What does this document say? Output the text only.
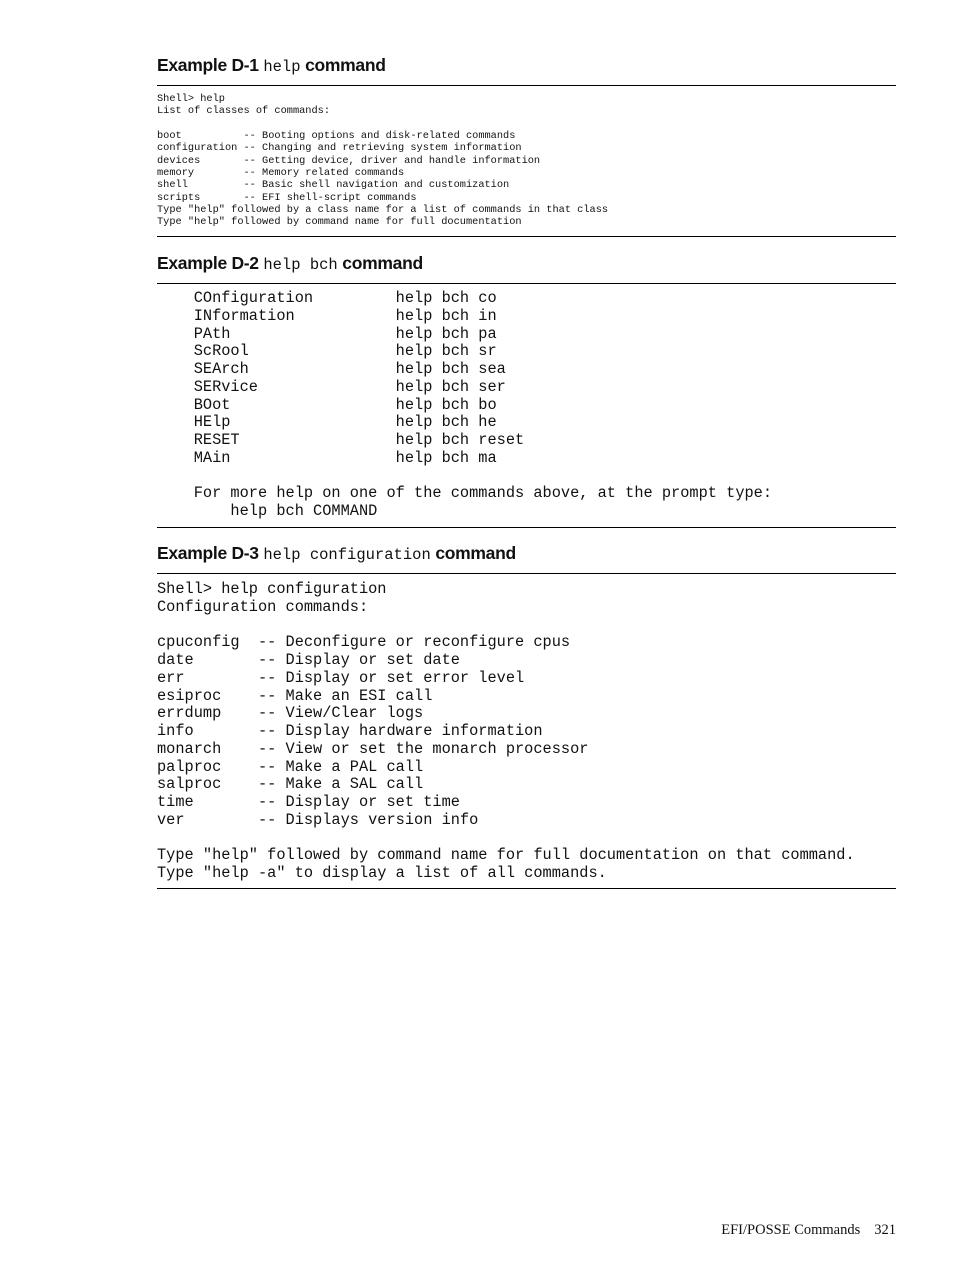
Example D-1 help command
Shell> help
List of classes of commands:

boot          -- Booting options and disk-related commands
configuration -- Changing and retrieving system information
devices       -- Getting device, driver and handle information
memory        -- Memory related commands
shell         -- Basic shell navigation and customization
scripts       -- EFI shell-script commands
Type "help" followed by a class name for a list of commands in that class
Type "help" followed by command name for full documentation
Example D-2 help bch command
COnfiguration         help bch co
INformation           help bch in
PAth                  help bch pa
ScRool                help bch sr
SEArch                help bch sea
SERvice               help bch ser
BOot                  help bch bo
HElp                  help bch he
RESET                 help bch reset
MAin                  help bch ma

For more help on one of the commands above, at the prompt type:
help bch COMMAND
Example D-3 help configuration command
Shell> help configuration
Configuration commands:

cpuconfig  -- Deconfigure or reconfigure cpus
date       -- Display or set date
err        -- Display or set error level
esiproc    -- Make an ESI call
errdump    -- View/Clear logs
info       -- Display hardware information
monarch    -- View or set the monarch processor
palproc    -- Make a PAL call
salproc    -- Make a SAL call
time       -- Display or set time
ver        -- Displays version info

Type "help" followed by command name for full documentation on that command.
Type "help -a" to display a list of all commands.
EFI/POSSE Commands 321
